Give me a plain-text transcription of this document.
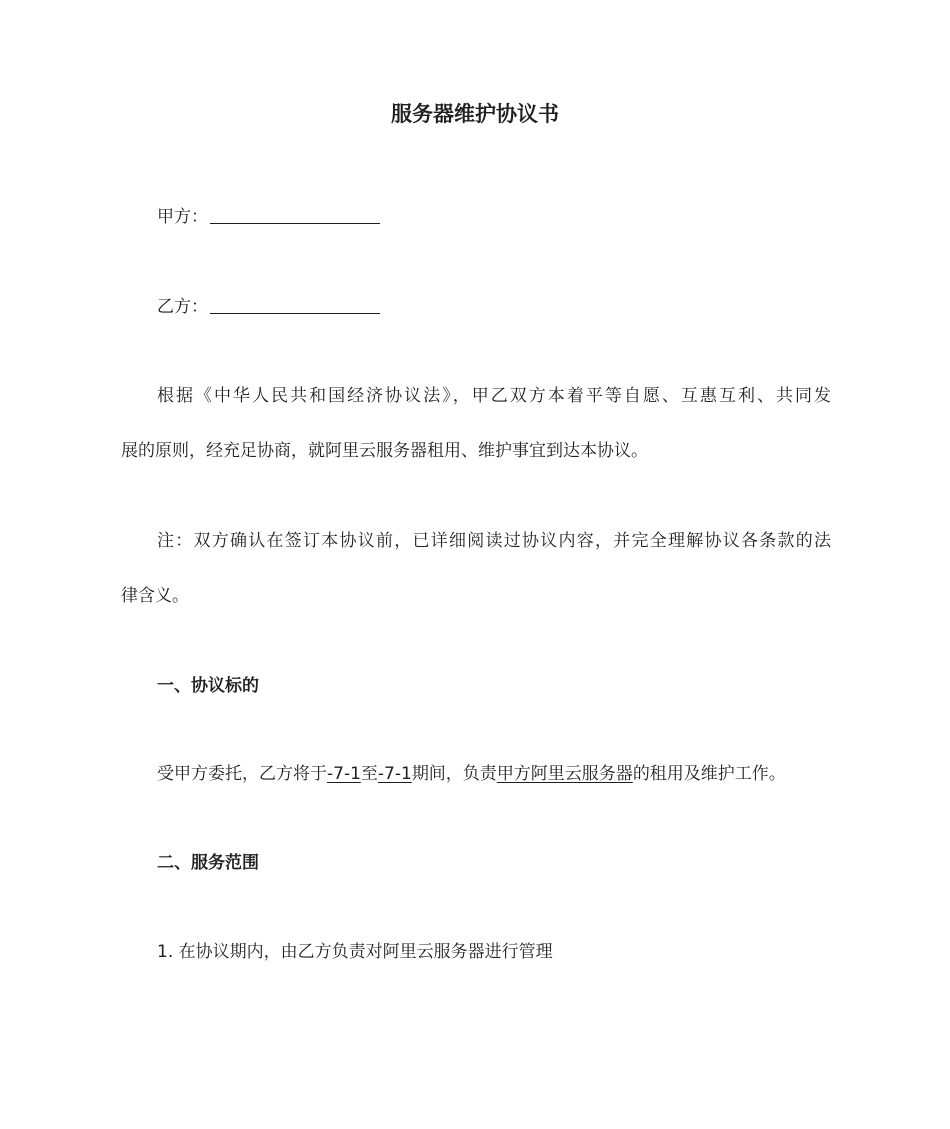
服务器维护协议书

甲方：

乙方：

根据《中华人民共和国经济协议法》，甲乙双方本着平等自愿、互惠互利、共同发

展的原则，经充足协商，就阿里云服务器租用、维护事宜到达本协议。

注：双方确认在签订本协议前，已详细阅读过协议内容，并完全理解协议各条款的法

律含义。

一、协议标的

受甲方委托，乙方将于-7-1至-7-1期间，负责甲方阿里云服务器的租用及维护工作。

二、服务范围

1. 在协议期内，由乙方负责对阿里云服务器进行管理
